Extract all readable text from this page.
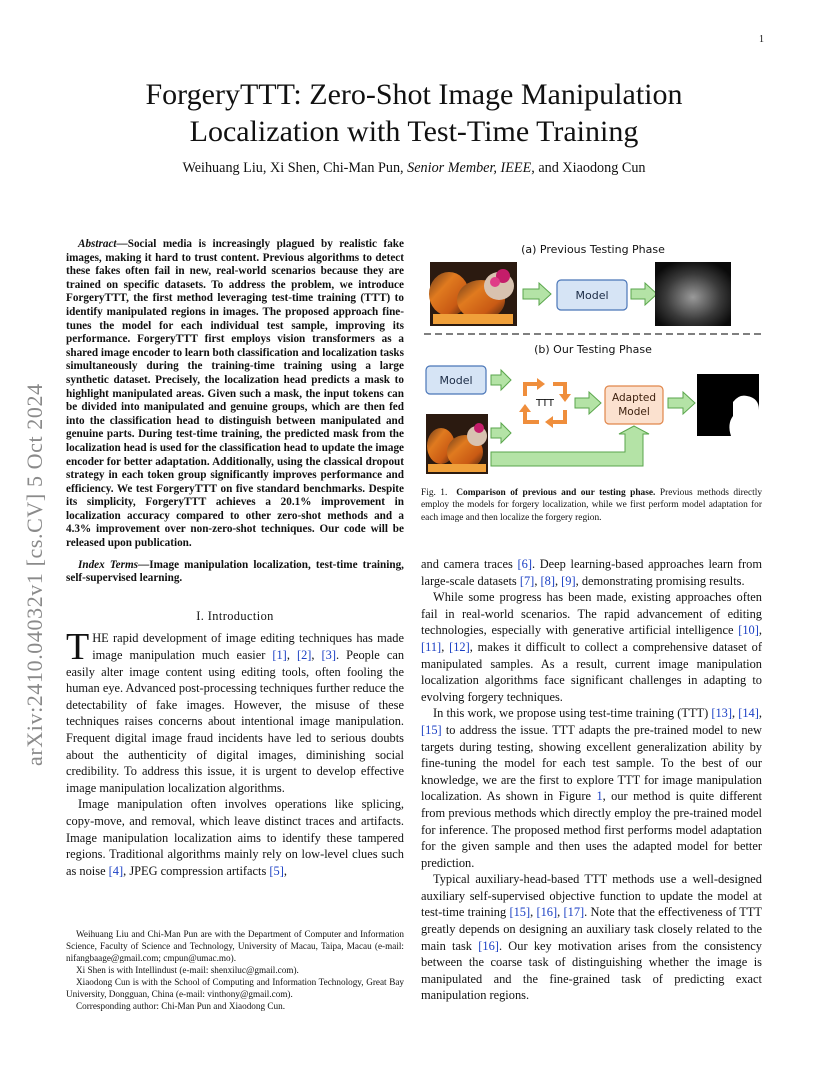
1
arXiv:2410.04032v1 [cs.CV] 5 Oct 2024
ForgeryTTT: Zero-Shot Image Manipulation Localization with Test-Time Training
Weihuang Liu, Xi Shen, Chi-Man Pun, Senior Member, IEEE, and Xiaodong Cun

Abstract—Social media is increasingly plagued by realistic fake images, making it hard to trust content. Previous algorithms to detect these fakes often fail in new, real-world scenarios because they are trained on specific datasets. To address the problem, we introduce ForgeryTTT, the first method leveraging test-time training (TTT) to identify manipulated regions in images. The proposed approach fine-tunes the model for each individual test sample, improving its performance. ForgeryTTT first employs vision transformers as a shared image encoder to learn both classification and localization tasks simultaneously during the training-time training using a large synthetic dataset. Precisely, the localization head predicts a mask to highlight manipulated areas. Given such a mask, the input tokens can be divided into manipulated and genuine groups, which are then fed into the classification head to distinguish between manipulated and genuine parts. During test-time training, the predicted mask from the localization head is used for the classification head to update the image encoder for better adaptation. Additionally, using the classical dropout strategy in each token group significantly improves performance and efficiency. We test ForgeryTTT on five standard benchmarks. Despite its simplicity, ForgeryTTT achieves a 20.1% improvement in localization accuracy compared to other zero-shot methods and a 4.3% improvement over non-zero-shot techniques. Our code will be released upon publication.

Index Terms—Image manipulation localization, test-time training, self-supervised learning.

I. Introduction

THE rapid development of image editing techniques has made image manipulation much easier [1], [2], [3]. People can easily alter image content using editing tools, often fooling the human eye. Advanced post-processing techniques further reduce the detectability of fake images. However, the misuse of these techniques raises concerns about intentional image manipulation. Frequent digital image fraud incidents have led to serious doubts about the authenticity of digital images, diminishing social credibility. To address this issue, it is urgent to develop effective image manipulation localization algorithms.

Image manipulation often involves operations like splicing, copy-move, and removal, which leave distinct traces and artifacts. Image manipulation localization aims to identify these tampered regions. Traditional algorithms mainly rely on low-level clues such as noise [4], JPEG compression artifacts [5],

Weihuang Liu and Chi-Man Pun are with the Department of Computer and Information Science, Faculty of Science and Technology, University of Macau, Taipa, Macau (e-mail: nifangbaage@gmail.com; cmpun@umac.mo).

Xi Shen is with Intellindust (e-mail: shenxiluc@gmail.com).

Xiaodong Cun is with the School of Computing and Information Technology, Great Bay University, Dongguan, China (e-mail: vinthony@gmail.com).

Corresponding author: Chi-Man Pun and Xiaodong Cun.

(a) Previous Testing Phase
Model
(b) Our Testing Phase
Model
TTT	Adapted
Model
Fig. 1. Comparison of previous and our testing phase. Previous methods directly employ the models for forgery localization, while we first perform model adaptation for each image and then localize the forgery region.

and camera traces [6]. Deep learning-based approaches learn from large-scale datasets [7], [8], [9], demonstrating promising results.

While some progress has been made, existing approaches often fail in real-world scenarios. The rapid advancement of editing technologies, especially with generative artificial intelligence [10], [11], [12], makes it difficult to collect a comprehensive dataset of manipulated samples. As a result, current image manipulation localization algorithms face significant challenges in adapting to evolving forgery techniques.

In this work, we propose using test-time training (TTT) [13], [14], [15] to address the issue. TTT adapts the pre-trained model to new targets during testing, showing excellent generalization ability by fine-tuning the model for each test sample. To the best of our knowledge, we are the first to explore TTT for image manipulation localization. As shown in Figure 1, our method is quite different from previous methods which directly employ the pre-trained model for inference. The proposed method first performs model adaptation for the given sample and then uses the adapted model for better prediction.

Typical auxiliary-head-based TTT methods use a well-designed auxiliary self-supervised objective function to update the model at test-time training [15], [16], [17]. Note that the effectiveness of TTT greatly depends on designing an auxiliary task closely related to the main task [16]. Our key motivation arises from the consistency between the coarse task of distinguishing whether the image is manipulated and the fine-grained task of predicting exact manipulation regions.
